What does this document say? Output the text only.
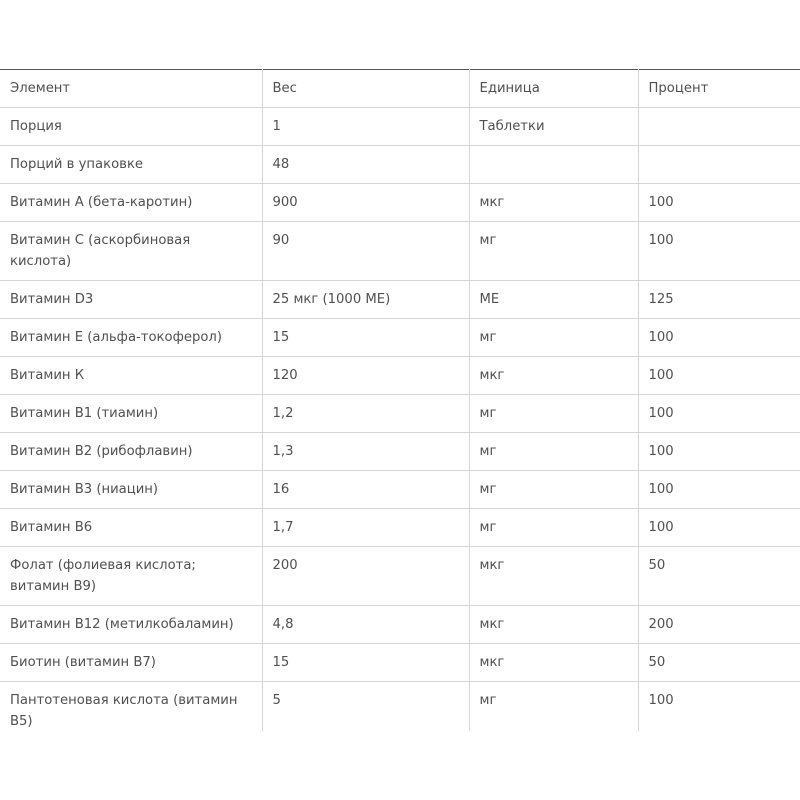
Элемент	Вес	Единица	Процент
Порция	1	Таблетки	
Порций в упаковке	48		
Витамин А (бета-каротин)	900	мкг	100
Витамин С (аскорбиновая кислота)	90	мг	100
Витамин D3	25 мкг (1000 МЕ)	МЕ	125
Витамин Е (альфа-токоферол)	15	мг	100
Витамин К	120	мкг	100
Витамин В1 (тиамин)	1,2	мг	100
Витамин В2 (рибофлавин)	1,3	мг	100
Витамин В3 (ниацин)	16	мг	100
Витамин В6	1,7	мг	100
Фолат (фолиевая кислота; витамин В9)	200	мкг	50
Витамин В12 (метилкобаламин)	4,8	мкг	200
Биотин (витамин В7)	15	мкг	50
Пантотеновая кислота (витамин В5)	5	мг	100
